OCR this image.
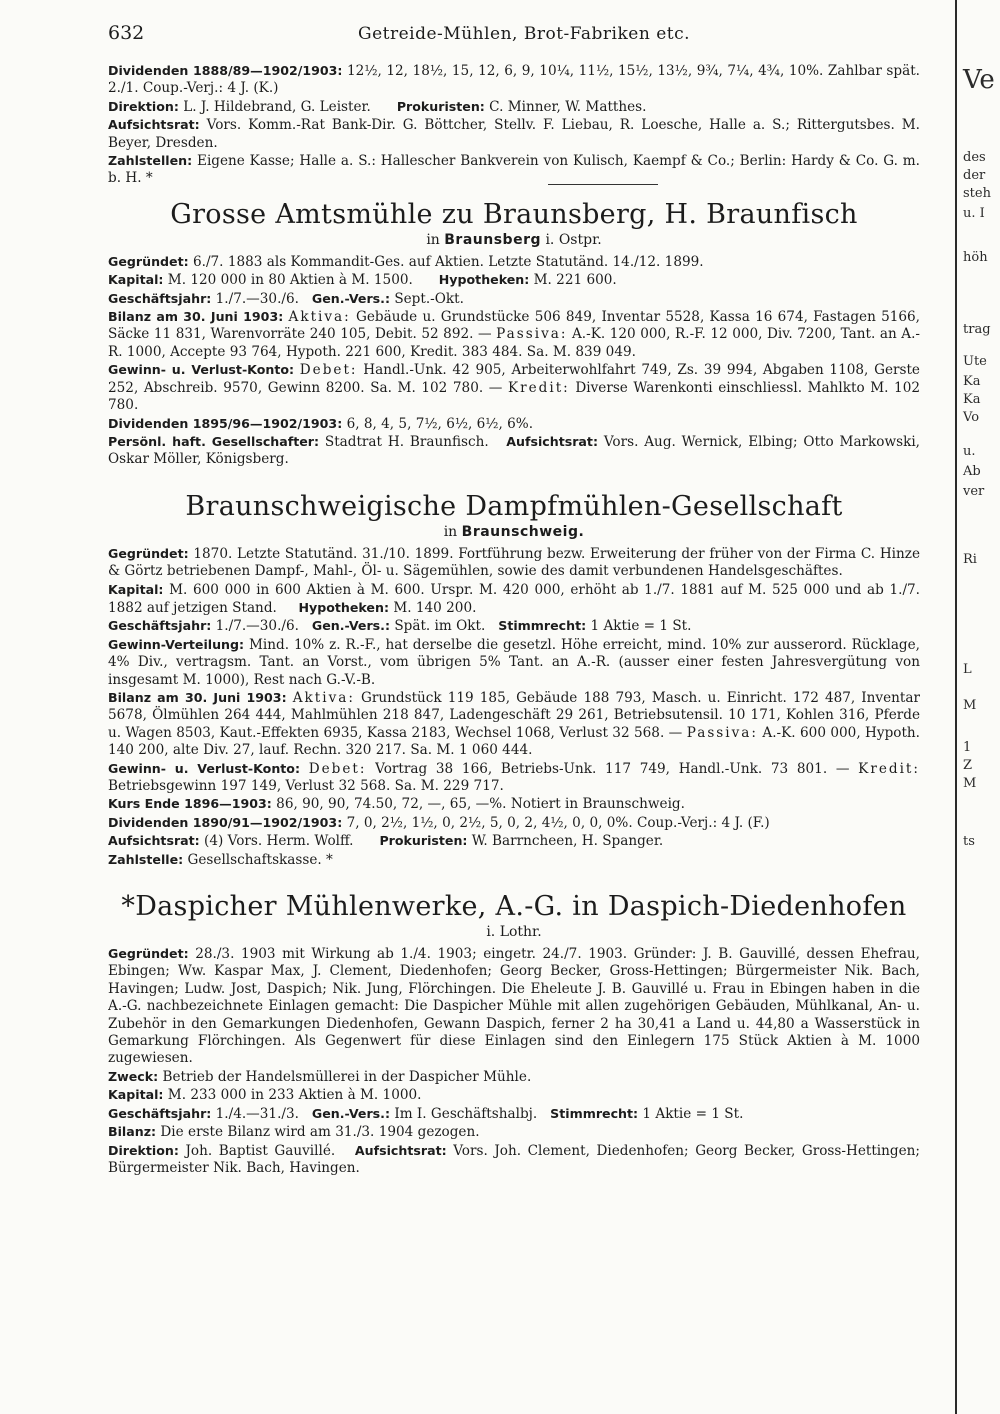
632	Getreide-Mühlen, Brot-Fabriken etc.

Dividenden 1888/89—1902/1903: 12½, 12, 18½, 15, 12, 6, 9, 10¼, 11½, 15½, 13½, 9¾, 7¼, 4¾, 10%. Zahlbar spät. 2./1. Coup.-Verj.: 4 J. (K.)

Direktion: L. J. Hildebrand, G. Leister. Prokuristen: C. Minner, W. Matthes.

Aufsichtsrat: Vors. Komm.-Rat Bank-Dir. G. Böttcher, Stellv. F. Liebau, R. Loesche, Halle a. S.; Rittergutsbes. M. Beyer, Dresden.

Zahlstellen: Eigene Kasse; Halle a. S.: Hallescher Bankverein von Kulisch, Kaempf & Co.; Berlin: Hardy & Co. G. m. b. H. *

Grosse Amtsmühle zu Braunsberg, H. Braunfisch
in Braunsberg i. Ostpr.

Gegründet: 6./7. 1883 als Kommandit-Ges. auf Aktien. Letzte Statutänd. 14./12. 1899.

Kapital: M. 120 000 in 80 Aktien à M. 1500. Hypotheken: M. 221 600.

Geschäftsjahr: 1./7.—30./6. Gen.-Vers.: Sept.-Okt.

Bilanz am 30. Juni 1903: Aktiva: Gebäude u. Grundstücke 506 849, Inventar 5528, Kassa 16 674, Fastagen 5166, Säcke 11 831, Warenvorräte 240 105, Debit. 52 892. — Passiva: A.-K. 120 000, R.-F. 12 000, Div. 7200, Tant. an A.-R. 1000, Accepte 93 764, Hypoth. 221 600, Kredit. 383 484. Sa. M. 839 049.

Gewinn- u. Verlust-Konto: Debet: Handl.-Unk. 42 905, Arbeiterwohlfahrt 749, Zs. 39 994, Abgaben 1108, Gerste 252, Abschreib. 9570, Gewinn 8200. Sa. M. 102 780. — Kredit: Diverse Warenkonti einschliessl. Mahlkto M. 102 780.

Dividenden 1895/96—1902/1903: 6, 8, 4, 5, 7½, 6½, 6½, 6%.

Persönl. haft. Gesellschafter: Stadtrat H. Braunfisch. Aufsichtsrat: Vors. Aug. Wernick, Elbing; Otto Markowski, Oskar Möller, Königsberg.

Braunschweigische Dampfmühlen-Gesellschaft
in Braunschweig.

Gegründet: 1870. Letzte Statutänd. 31./10. 1899. Fortführung bezw. Erweiterung der früher von der Firma C. Hinze & Görtz betriebenen Dampf-, Mahl-, Öl- u. Sägemühlen, sowie des damit verbundenen Handelsgeschäftes.

Kapital: M. 600 000 in 600 Aktien à M. 600. Urspr. M. 420 000, erhöht ab 1./7. 1881 auf M. 525 000 und ab 1./7. 1882 auf jetzigen Stand. Hypotheken: M. 140 200.

Geschäftsjahr: 1./7.—30./6. Gen.-Vers.: Spät. im Okt. Stimmrecht: 1 Aktie = 1 St.

Gewinn-Verteilung: Mind. 10% z. R.-F., hat derselbe die gesetzl. Höhe erreicht, mind. 10% zur ausserord. Rücklage, 4% Div., vertragsm. Tant. an Vorst., vom übrigen 5% Tant. an A.-R. (ausser einer festen Jahresvergütung von insgesamt M. 1000), Rest nach G.-V.-B.

Bilanz am 30. Juni 1903: Aktiva: Grundstück 119 185, Gebäude 188 793, Masch. u. Einricht. 172 487, Inventar 5678, Ölmühlen 264 444, Mahlmühlen 218 847, Ladengeschäft 29 261, Betriebsutensil. 10 171, Kohlen 316, Pferde u. Wagen 8503, Kaut.-Effekten 6935, Kassa 2183, Wechsel 1068, Verlust 32 568. — Passiva: A.-K. 600 000, Hypoth. 140 200, alte Div. 27, lauf. Rechn. 320 217. Sa. M. 1 060 444.

Gewinn- u. Verlust-Konto: Debet: Vortrag 38 166, Betriebs-Unk. 117 749, Handl.-Unk. 73 801. — Kredit: Betriebsgewinn 197 149, Verlust 32 568. Sa. M. 229 717.

Kurs Ende 1896—1903: 86, 90, 90, 74.50, 72, —, 65, —%. Notiert in Braunschweig.

Dividenden 1890/91—1902/1903: 7, 0, 2½, 1½, 0, 2½, 5, 0, 2, 4½, 0, 0, 0%. Coup.-Verj.: 4 J. (F.)

Aufsichtsrat: (4) Vors. Herm. Wolff. Prokuristen: W. Barrncheen, H. Spanger.

Zahlstelle: Gesellschaftskasse. *

*Daspicher Mühlenwerke, A.-G. in Daspich-Diedenhofen
i. Lothr.

Gegründet: 28./3. 1903 mit Wirkung ab 1./4. 1903; eingetr. 24./7. 1903. Gründer: J. B. Gauvillé, dessen Ehefrau, Ebingen; Ww. Kaspar Max, J. Clement, Diedenhofen; Georg Becker, Gross-Hettingen; Bürgermeister Nik. Bach, Havingen; Ludw. Jost, Daspich; Nik. Jung, Flörchingen. Die Eheleute J. B. Gauvillé u. Frau in Ebingen haben in die A.-G. nachbezeichnete Einlagen gemacht: Die Daspicher Mühle mit allen zugehörigen Gebäuden, Mühlkanal, An- u. Zubehör in den Gemarkungen Diedenhofen, Gewann Daspich, ferner 2 ha 30,41 a Land u. 44,80 a Wasserstück in Gemarkung Flörchingen. Als Gegenwert für diese Einlagen sind den Einlegern 175 Stück Aktien à M. 1000 zugewiesen.

Zweck: Betrieb der Handelsmüllerei in der Daspicher Mühle.

Kapital: M. 233 000 in 233 Aktien à M. 1000.

Geschäftsjahr: 1./4.—31./3. Gen.-Vers.: Im I. Geschäftshalbj. Stimmrecht: 1 Aktie = 1 St.

Bilanz: Die erste Bilanz wird am 31./3. 1904 gezogen.

Direktion: Joh. Baptist Gauvillé. Aufsichtsrat: Vors. Joh. Clement, Diedenhofen; Georg Becker, Gross-Hettingen; Bürgermeister Nik. Bach, Havingen.

Ve
des
der
steh
u. I
höh
trag
Ute
Ka
Ka
Vo
u.
Ab
ver
Ri
L
M
1
Z
M
ts
